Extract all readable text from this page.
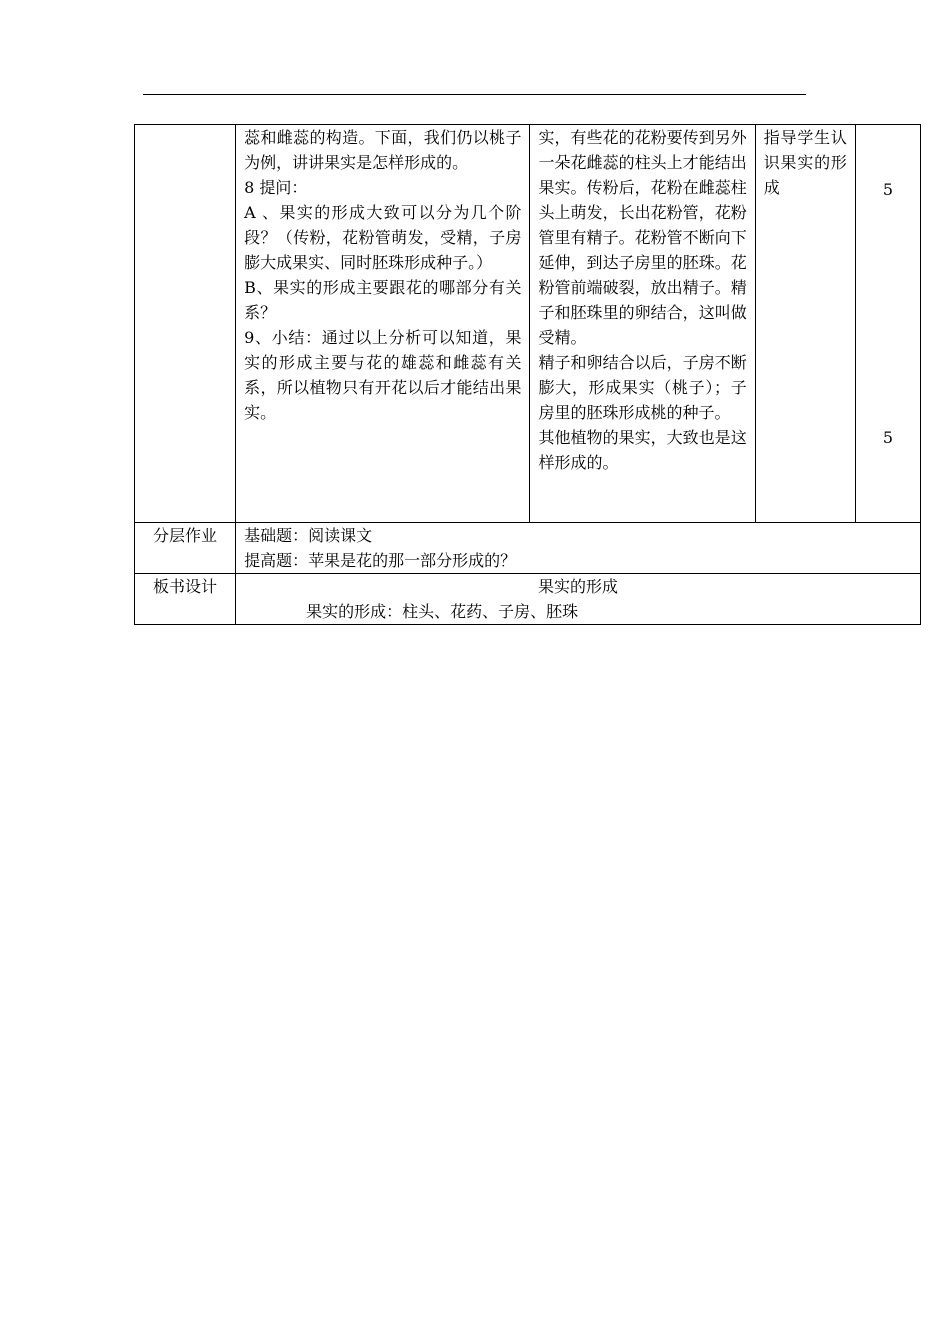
	蕊和雌蕊的构造。下面，我们仍以桃子为例，讲讲果实是怎样形成的。
8 提问：
A 、果实的形成大致可以分为几个阶段？（传粉，花粉管萌发，受精，子房膨大成果实、同时胚珠形成种子。）
B、果实的形成主要跟花的哪部分有关系？
9、小结：通过以上分析可以知道，果实的形成主要与花的雄蕊和雌蕊有关系，所以植物只有开花以后才能结出果实。	实，有些花的花粉要传到另外一朵花雌蕊的柱头上才能结出果实。传粉后，花粉在雌蕊柱头上萌发，长出花粉管，花粉管里有精子。花粉管不断向下延伸，到达子房里的胚珠。花粉管前端破裂，放出精子。精子和胚珠里的卵结合，这叫做受精。
精子和卵结合以后，子房不断膨大，形成果实（桃子）；子房里的胚珠形成桃的种子。
其他植物的果实，大致也是这样形成的。	指导学生认识果实的形成	5
5

分层作业	基础题：阅读课文
提高题：苹果是花的那一部分形成的？			

板书设计	果实的形成
果实的形成：柱头、花药、子房、胚珠			
